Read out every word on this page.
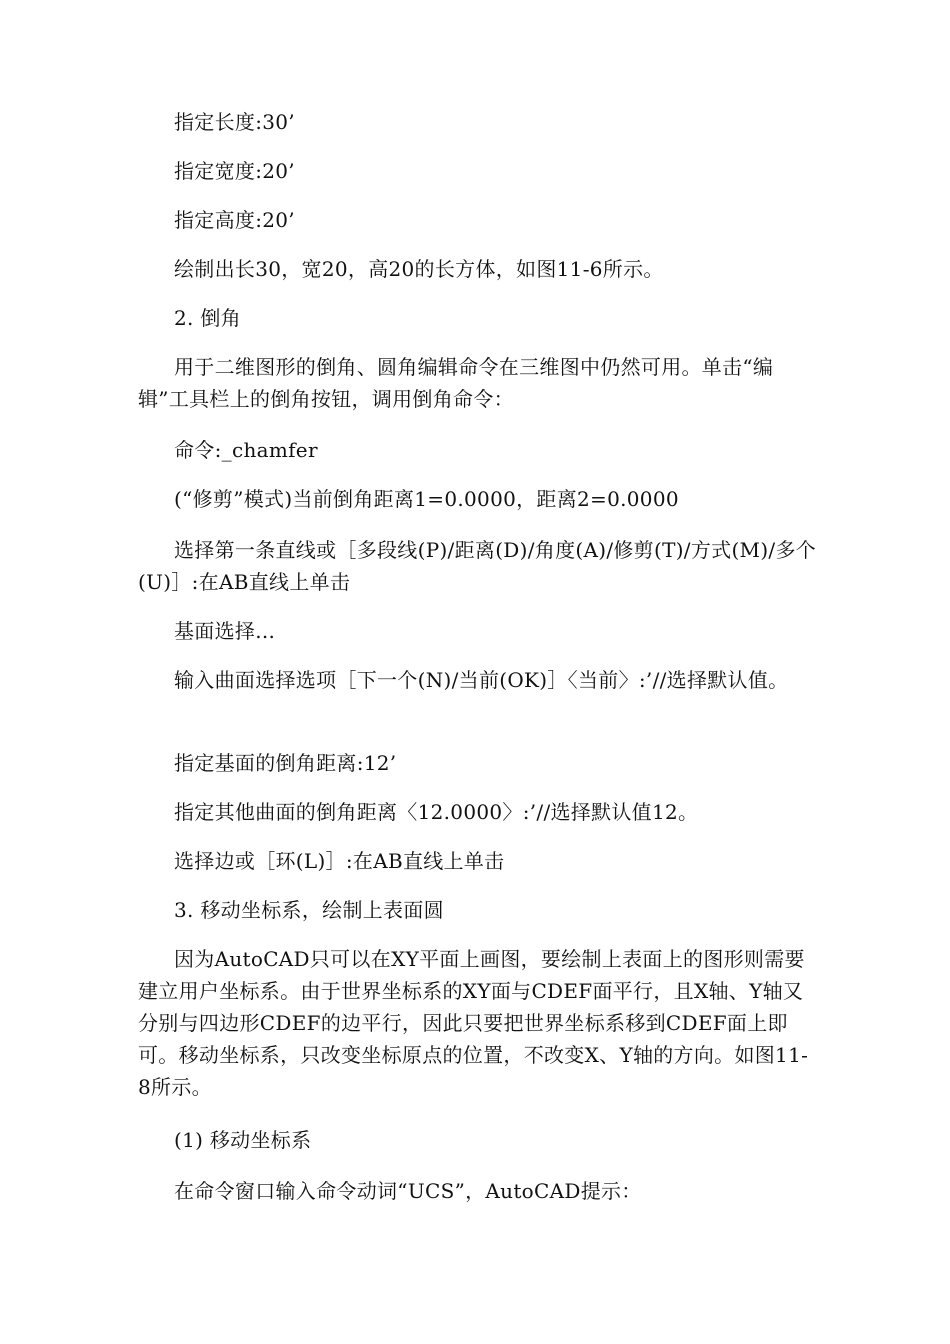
指定长度:30’

指定宽度:20’

指定高度:20’

绘制出长30，宽20，高20的长方体，如图11-6所示。

2. 倒角

用于二维图形的倒角、圆角编辑命令在三维图中仍然可用。单击“编辑”工具栏上的倒角按钮，调用倒角命令：

命令:_chamfer

(“修剪”模式)当前倒角距离1=0.0000，距离2=0.0000

选择第一条直线或［多段线(P)/距离(D)/角度(A)/修剪(T)/方式(M)/多个(U)］:在AB直线上单击

基面选择...

输入曲面选择选项［下一个(N)/当前(OK)］〈当前〉:’//选择默认值。

指定基面的倒角距离:12’

指定其他曲面的倒角距离〈12.0000〉:’//选择默认值12。

选择边或［环(L)］:在AB直线上单击

3. 移动坐标系，绘制上表面圆

因为AutoCAD只可以在XY平面上画图，要绘制上表面上的图形则需要建立用户坐标系。由于世界坐标系的XY面与CDEF面平行，且X轴、Y轴又分别与四边形CDEF的边平行，因此只要把世界坐标系移到CDEF面上即可。移动坐标系，只改变坐标原点的位置，不改变X、Y轴的方向。如图11-8所示。

(1) 移动坐标系

在命令窗口输入命令动词“UCS”，AutoCAD提示：
